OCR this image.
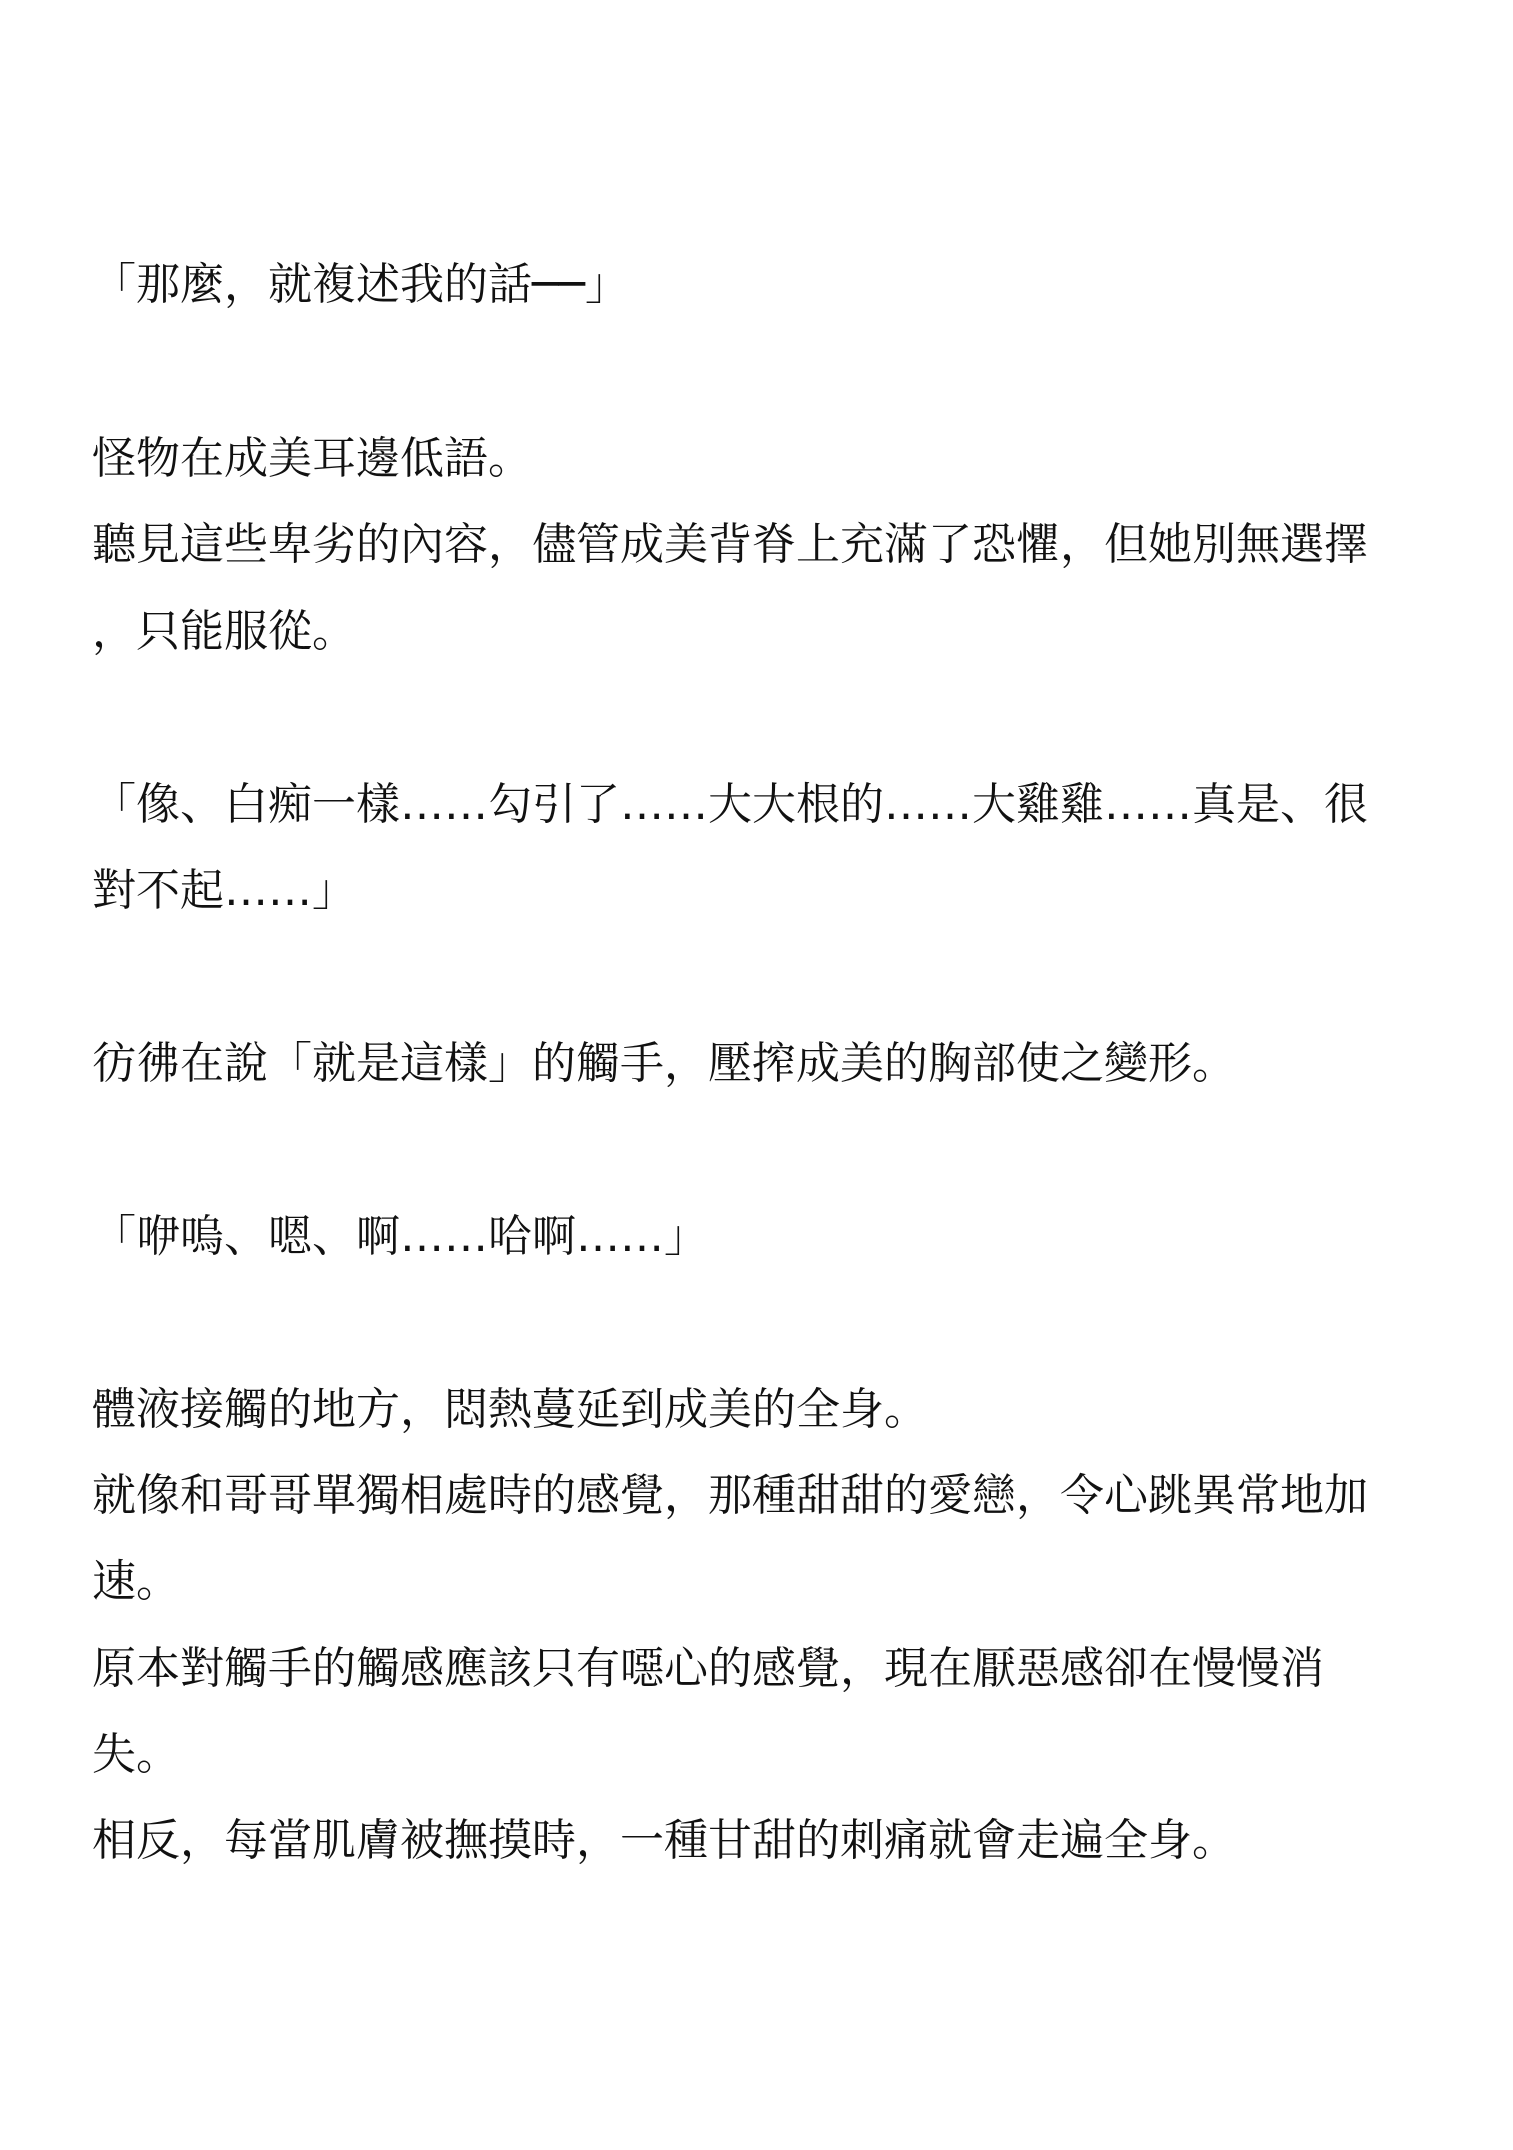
「那麼，就複述我的話──」

怪物在成美耳邊低語。

聽見這些卑劣的內容，儘管成美背脊上充滿了恐懼，但她別無選擇

，只能服從。

「像、白痴一樣……勾引了……大大根的……大雞雞……真是、很

對不起……」

彷彿在說「就是這樣」的觸手，壓搾成美的胸部使之變形。

「咿嗚、嗯、啊……哈啊……」

體液接觸的地方，悶熱蔓延到成美的全身。

就像和哥哥單獨相處時的感覺，那種甜甜的愛戀，令心跳異常地加

速。

原本對觸手的觸感應該只有噁心的感覺，現在厭惡感卻在慢慢消

失。

相反，每當肌膚被撫摸時，一種甘甜的刺痛就會走遍全身。
